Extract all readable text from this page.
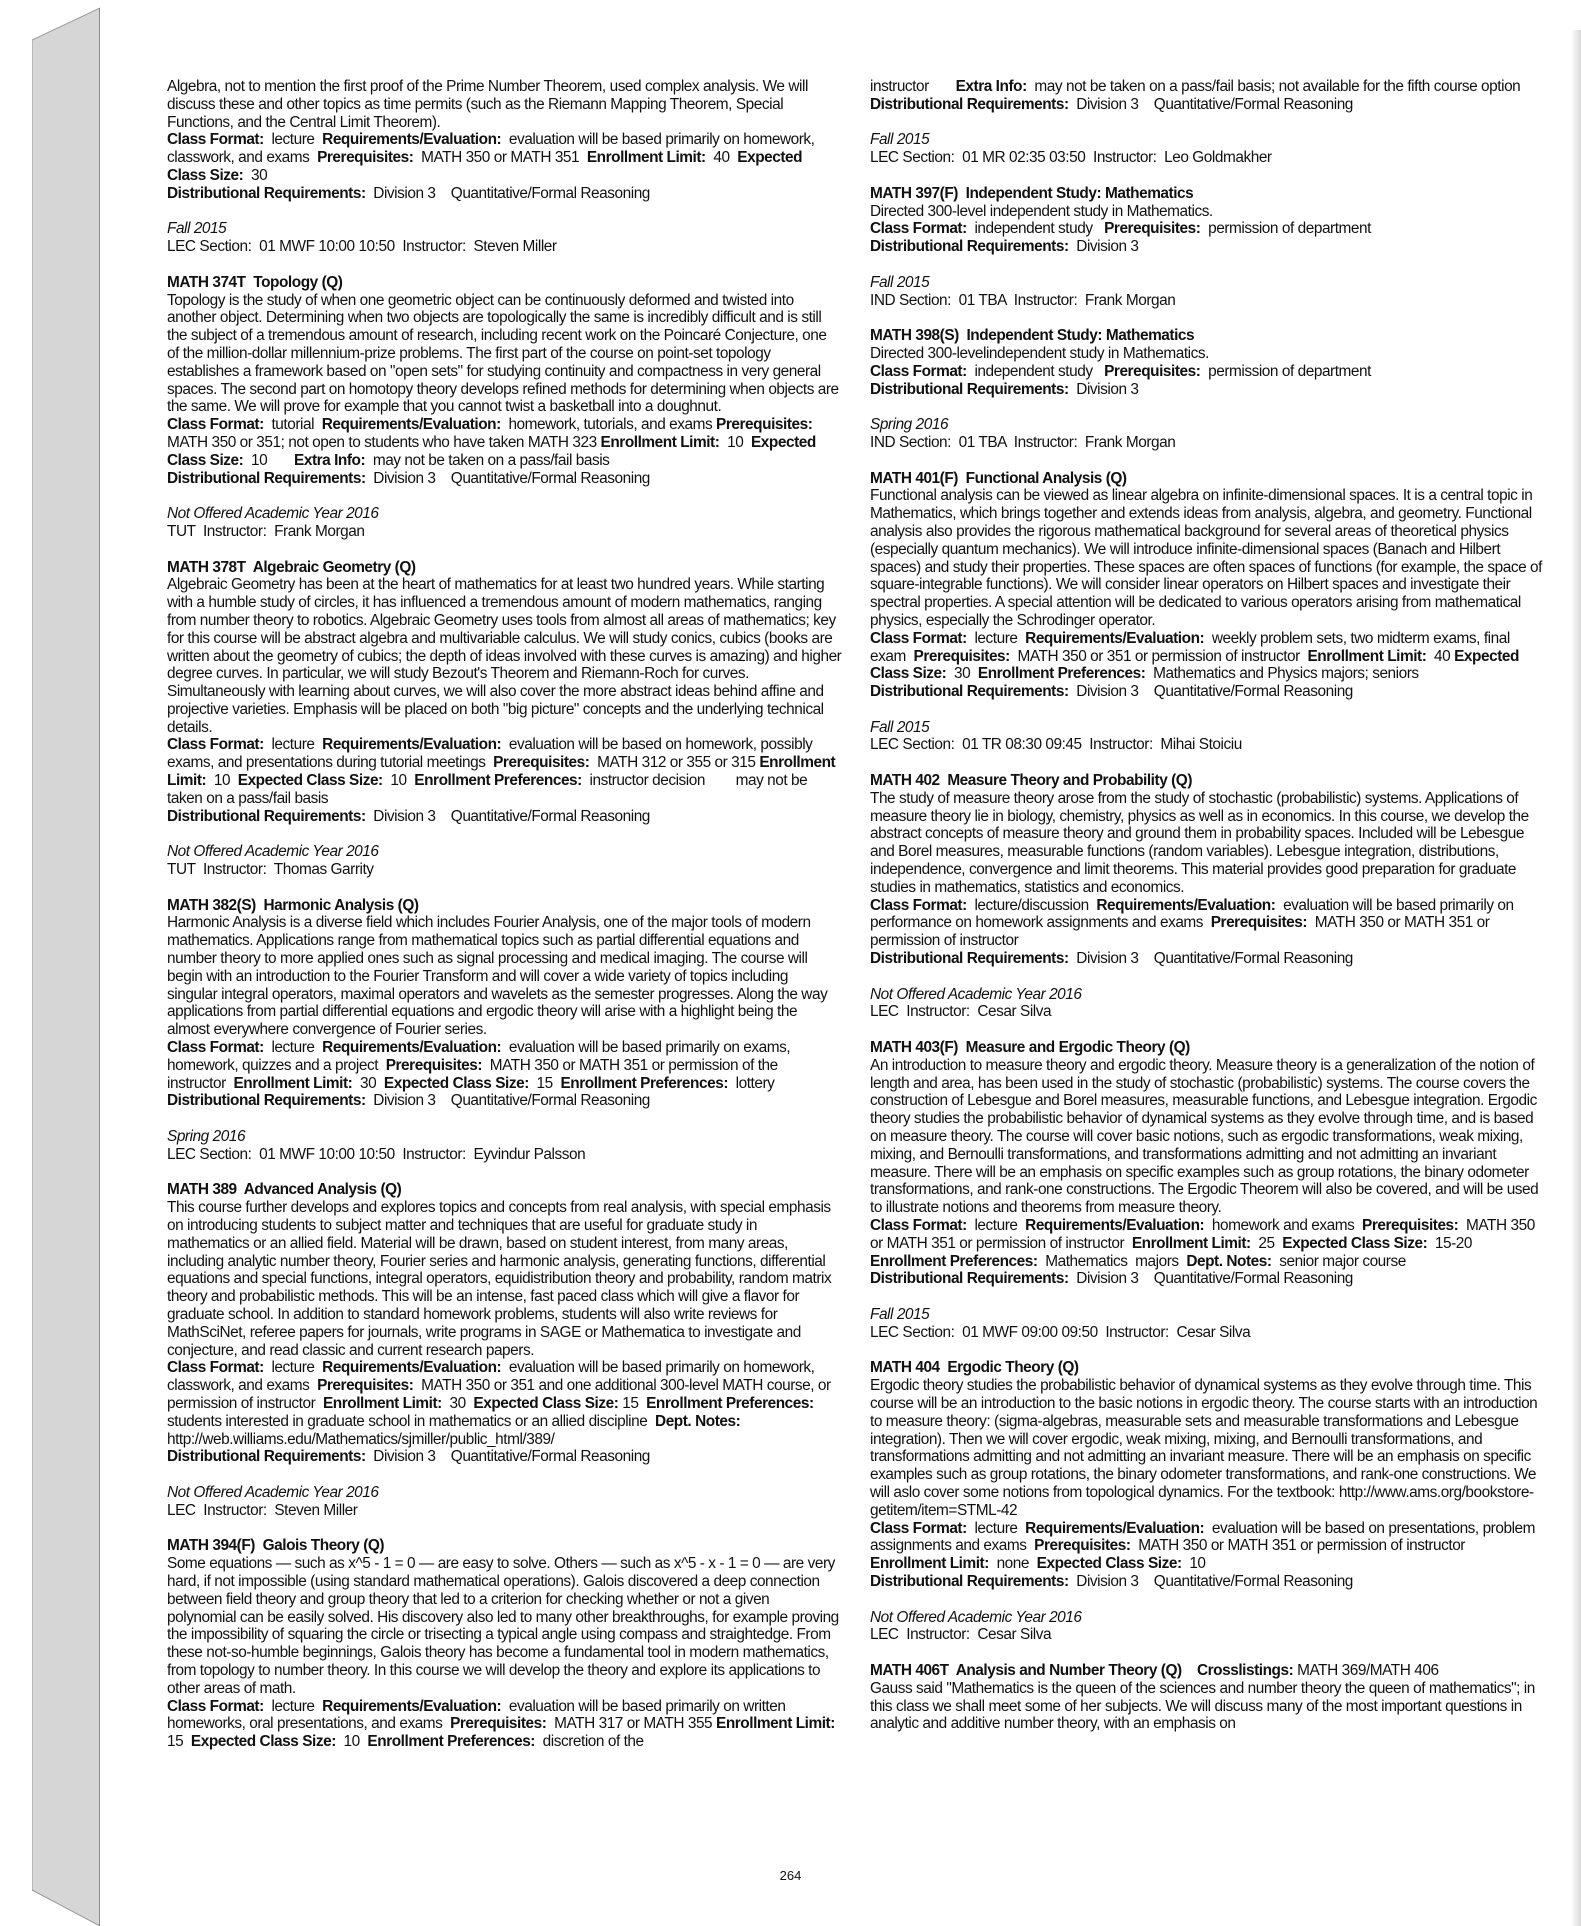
Algebra, not to mention the first proof of the Prime Number Theorem, used complex analysis. We will discuss these and other topics as time permits (such as the Riemann Mapping Theorem, Special Functions, and the Central Limit Theorem).

Class Format: lecture Requirements/Evaluation: evaluation will be based primarily on homework, classwork, and exams Prerequisites: MATH 350 or MATH 351 Enrollment Limit: 40 Expected Class Size: 30

Distributional Requirements: Division 3    Quantitative/Formal Reasoning

Fall 2015

LEC Section:  01 MWF 10:00 10:50  Instructor:  Steven Miller

MATH 374T  Topology (Q)

Topology is the study of when one geometric object can be continuously deformed and twisted into another object. Determining when two objects are topologically the same is incredibly difficult and is still the subject of a tremendous amount of research, including recent work on the Poincaré Conjecture, one of the million-dollar millennium-prize problems. The first part of the course on point-set topology establishes a framework based on "open sets" for studying continuity and compactness in very general spaces. The second part on homotopy theory develops refined methods for determining when objects are the same. We will prove for example that you cannot twist a basketball into a doughnut.

Class Format: tutorial Requirements/Evaluation: homework, tutorials, and exams Prerequisites:  MATH 350 or 351; not open to students who have taken MATH 323 Enrollment Limit: 10 Expected Class Size: 10 Extra Info: may not be taken on a pass/fail basis

Distributional Requirements: Division 3    Quantitative/Formal Reasoning

Not Offered Academic Year 2016

TUT  Instructor:  Frank Morgan

MATH 378T  Algebraic Geometry (Q)

Algebraic Geometry has been at the heart of mathematics for at least two hundred years. While starting with a humble study of circles, it has influenced a tremendous amount of modern mathematics, ranging from number theory to robotics. Algebraic Geometry uses tools from almost all areas of mathematics; key for this course will be abstract algebra and multivariable calculus. We will study conics, cubics (books are written about the geometry of cubics; the depth of ideas involved with these curves is amazing) and higher degree curves. In particular, we will study Bezout's Theorem and Riemann-Roch for curves. Simultaneously with learning about curves, we will also cover the more abstract ideas behind affine and projective varieties. Emphasis will be placed on both "big picture" concepts and the underlying technical details.

Class Format: lecture Requirements/Evaluation: evaluation will be based on homework, possibly exams, and presentations during tutorial meetings Prerequisites: MATH 312 or 355 or 315 Enrollment Limit: 10 Expected Class Size: 10 Enrollment Preferences: instructor decision        may not be taken on a pass/fail basis

Distributional Requirements: Division 3    Quantitative/Formal Reasoning

Not Offered Academic Year 2016

TUT  Instructor:  Thomas Garrity

MATH 382(S)  Harmonic Analysis (Q)

Harmonic Analysis is a diverse field which includes Fourier Analysis, one of the major tools of modern mathematics. Applications range from mathematical topics such as partial differential equations and number theory to more applied ones such as signal processing and medical imaging. The course will begin with an introduction to the Fourier Transform and will cover a wide variety of topics including singular integral operators, maximal operators and wavelets as the semester progresses. Along the way applications from partial differential equations and ergodic theory will arise with a highlight being the almost everywhere convergence of Fourier series.

Class Format: lecture Requirements/Evaluation: evaluation will be based primarily on exams, homework, quizzes and a project Prerequisites: MATH 350 or MATH 351 or permission of the instructor Enrollment Limit: 30 Expected Class Size: 15 Enrollment Preferences: lottery

Distributional Requirements: Division 3    Quantitative/Formal Reasoning

Spring 2016

LEC Section:  01 MWF 10:00 10:50  Instructor:  Eyvindur Palsson

MATH 389  Advanced Analysis (Q)

This course further develops and explores topics and concepts from real analysis, with special emphasis on introducing students to subject matter and techniques that are useful for graduate study in mathematics or an allied field. Material will be drawn, based on student interest, from many areas, including analytic number theory, Fourier series and harmonic analysis, generating functions, differential equations and special functions, integral operators, equidistribution theory and probability, random matrix theory and probabilistic methods. This will be an intense, fast paced class which will give a flavor for graduate school. In addition to standard homework problems, students will also write reviews for MathSciNet, referee papers for journals, write programs in SAGE or Mathematica to investigate and conjecture, and read classic and current research papers.

Class Format: lecture Requirements/Evaluation: evaluation will be based primarily on homework, classwork, and exams Prerequisites: MATH 350 or 351 and one additional 300-level MATH course, or permission of instructor Enrollment Limit: 30 Expected Class Size: 15 Enrollment Preferences:  students interested in graduate school in mathematics or an allied discipline Dept. Notes:  http://web.williams.edu/Mathematics/sjmiller/public_html/389/

Distributional Requirements: Division 3    Quantitative/Formal Reasoning

Not Offered Academic Year 2016

LEC  Instructor:  Steven Miller

MATH 394(F)  Galois Theory (Q)

Some equations — such as x^5 - 1 = 0 — are easy to solve. Others — such as x^5 - x - 1 = 0 — are very hard, if not impossible (using standard mathematical operations). Galois discovered a deep connection between field theory and group theory that led to a criterion for checking whether or not a given polynomial can be easily solved. His discovery also led to many other breakthroughs, for example proving the impossibility of squaring the circle or trisecting a typical angle using compass and straightedge. From these not-so-humble beginnings, Galois theory has become a fundamental tool in modern mathematics, from topology to number theory. In this course we will develop the theory and explore its applications to other areas of math.

Class Format: lecture Requirements/Evaluation: evaluation will be based primarily on written homeworks, oral presentations, and exams Prerequisites: MATH 317 or MATH 355 Enrollment Limit:  15 Expected Class Size: 10 Enrollment Preferences: discretion of the

instructor Extra Info: may not be taken on a pass/fail basis; not available for the fifth course option

Distributional Requirements: Division 3    Quantitative/Formal Reasoning

Fall 2015

LEC Section:  01 MR 02:35 03:50  Instructor:  Leo Goldmakher

MATH 397(F)  Independent Study: Mathematics

Directed 300-level independent study in Mathematics.

Class Format: independent study Prerequisites: permission of department

Distributional Requirements: Division 3

Fall 2015

IND Section:  01 TBA  Instructor:  Frank Morgan

MATH 398(S)  Independent Study: Mathematics

Directed 300-levelindependent study in Mathematics.

Class Format: independent study Prerequisites: permission of department

Distributional Requirements: Division 3

Spring 2016

IND Section:  01 TBA  Instructor:  Frank Morgan

MATH 401(F)  Functional Analysis (Q)

Functional analysis can be viewed as linear algebra on infinite-dimensional spaces. It is a central topic in Mathematics, which brings together and extends ideas from analysis, algebra, and geometry. Functional analysis also provides the rigorous mathematical background for several areas of theoretical physics (especially quantum mechanics). We will introduce infinite-dimensional spaces (Banach and Hilbert spaces) and study their properties. These spaces are often spaces of functions (for example, the space of square-integrable functions). We will consider linear operators on Hilbert spaces and investigate their spectral properties. A special attention will be dedicated to various operators arising from mathematical physics, especially the Schrodinger operator.

Class Format: lecture Requirements/Evaluation: weekly problem sets, two midterm exams, final exam Prerequisites: MATH 350 or 351 or permission of instructor Enrollment Limit: 40 Expected Class Size: 30 Enrollment Preferences: Mathematics and Physics majors; seniors

Distributional Requirements: Division 3    Quantitative/Formal Reasoning

Fall 2015

LEC Section:  01 TR 08:30 09:45  Instructor:  Mihai Stoiciu

MATH 402  Measure Theory and Probability (Q)

The study of measure theory arose from the study of stochastic (probabilistic) systems. Applications of measure theory lie in biology, chemistry, physics as well as in economics. In this course, we develop the abstract concepts of measure theory and ground them in probability spaces. Included will be Lebesgue and Borel measures, measurable functions (random variables). Lebesgue integration, distributions, independence, convergence and limit theorems. This material provides good preparation for graduate studies in mathematics, statistics and economics.

Class Format: lecture/discussion Requirements/Evaluation: evaluation will be based primarily on performance on homework assignments and exams Prerequisites: MATH 350 or MATH 351 or permission of instructor

Distributional Requirements: Division 3    Quantitative/Formal Reasoning

Not Offered Academic Year 2016

LEC  Instructor:  Cesar Silva

MATH 403(F)  Measure and Ergodic Theory (Q)

An introduction to measure theory and ergodic theory. Measure theory is a generalization of the notion of length and area, has been used in the study of stochastic (probabilistic) systems. The course covers the construction of Lebesgue and Borel measures, measurable functions, and Lebesgue integration. Ergodic theory studies the probabilistic behavior of dynamical systems as they evolve through time, and is based on measure theory. The course will cover basic notions, such as ergodic transformations, weak mixing, mixing, and Bernoulli transformations, and transformations admitting and not admitting an invariant measure. There will be an emphasis on specific examples such as group rotations, the binary odometer transformations, and rank-one constructions. The Ergodic Theorem will also be covered, and will be used to illustrate notions and theorems from measure theory.

Class Format: lecture Requirements/Evaluation: homework and exams Prerequisites: MATH 350 or MATH 351 or permission of instructor Enrollment Limit: 25 Expected Class Size: 15-20  Enrollment Preferences: Mathematics  majors Dept. Notes: senior major course

Distributional Requirements: Division 3    Quantitative/Formal Reasoning

Fall 2015

LEC Section:  01 MWF 09:00 09:50  Instructor:  Cesar Silva

MATH 404  Ergodic Theory (Q)

Ergodic theory studies the probabilistic behavior of dynamical systems as they evolve through time. This course will be an introduction to the basic notions in ergodic theory. The course starts with an introduction to measure theory: (sigma-algebras, measurable sets and measurable transformations and Lebesgue integration). Then we will cover ergodic, weak mixing, mixing, and Bernoulli transformations, and transformations admitting and not admitting an invariant measure. There will be an emphasis on specific examples such as group rotations, the binary odometer transformations, and rank-one constructions. We will aslo cover some notions from topological dynamics. For the textbook: http://www.ams.org/bookstore-getitem/item=STML-42

Class Format: lecture Requirements/Evaluation: evaluation will be based on presentations, problem assignments and exams Prerequisites: MATH 350 or MATH 351 or permission of instructor  Enrollment Limit: none Expected Class Size: 10

Distributional Requirements: Division 3    Quantitative/Formal Reasoning

Not Offered Academic Year 2016

LEC  Instructor:  Cesar Silva

MATH 406T  Analysis and Number Theory (Q) Crosslistings: MATH 369/MATH 406

Gauss said "Mathematics is the queen of the sciences and number theory the queen of mathematics"; in this class we shall meet some of her subjects. We will discuss many of the most important questions in analytic and additive number theory, with an emphasis on

264
